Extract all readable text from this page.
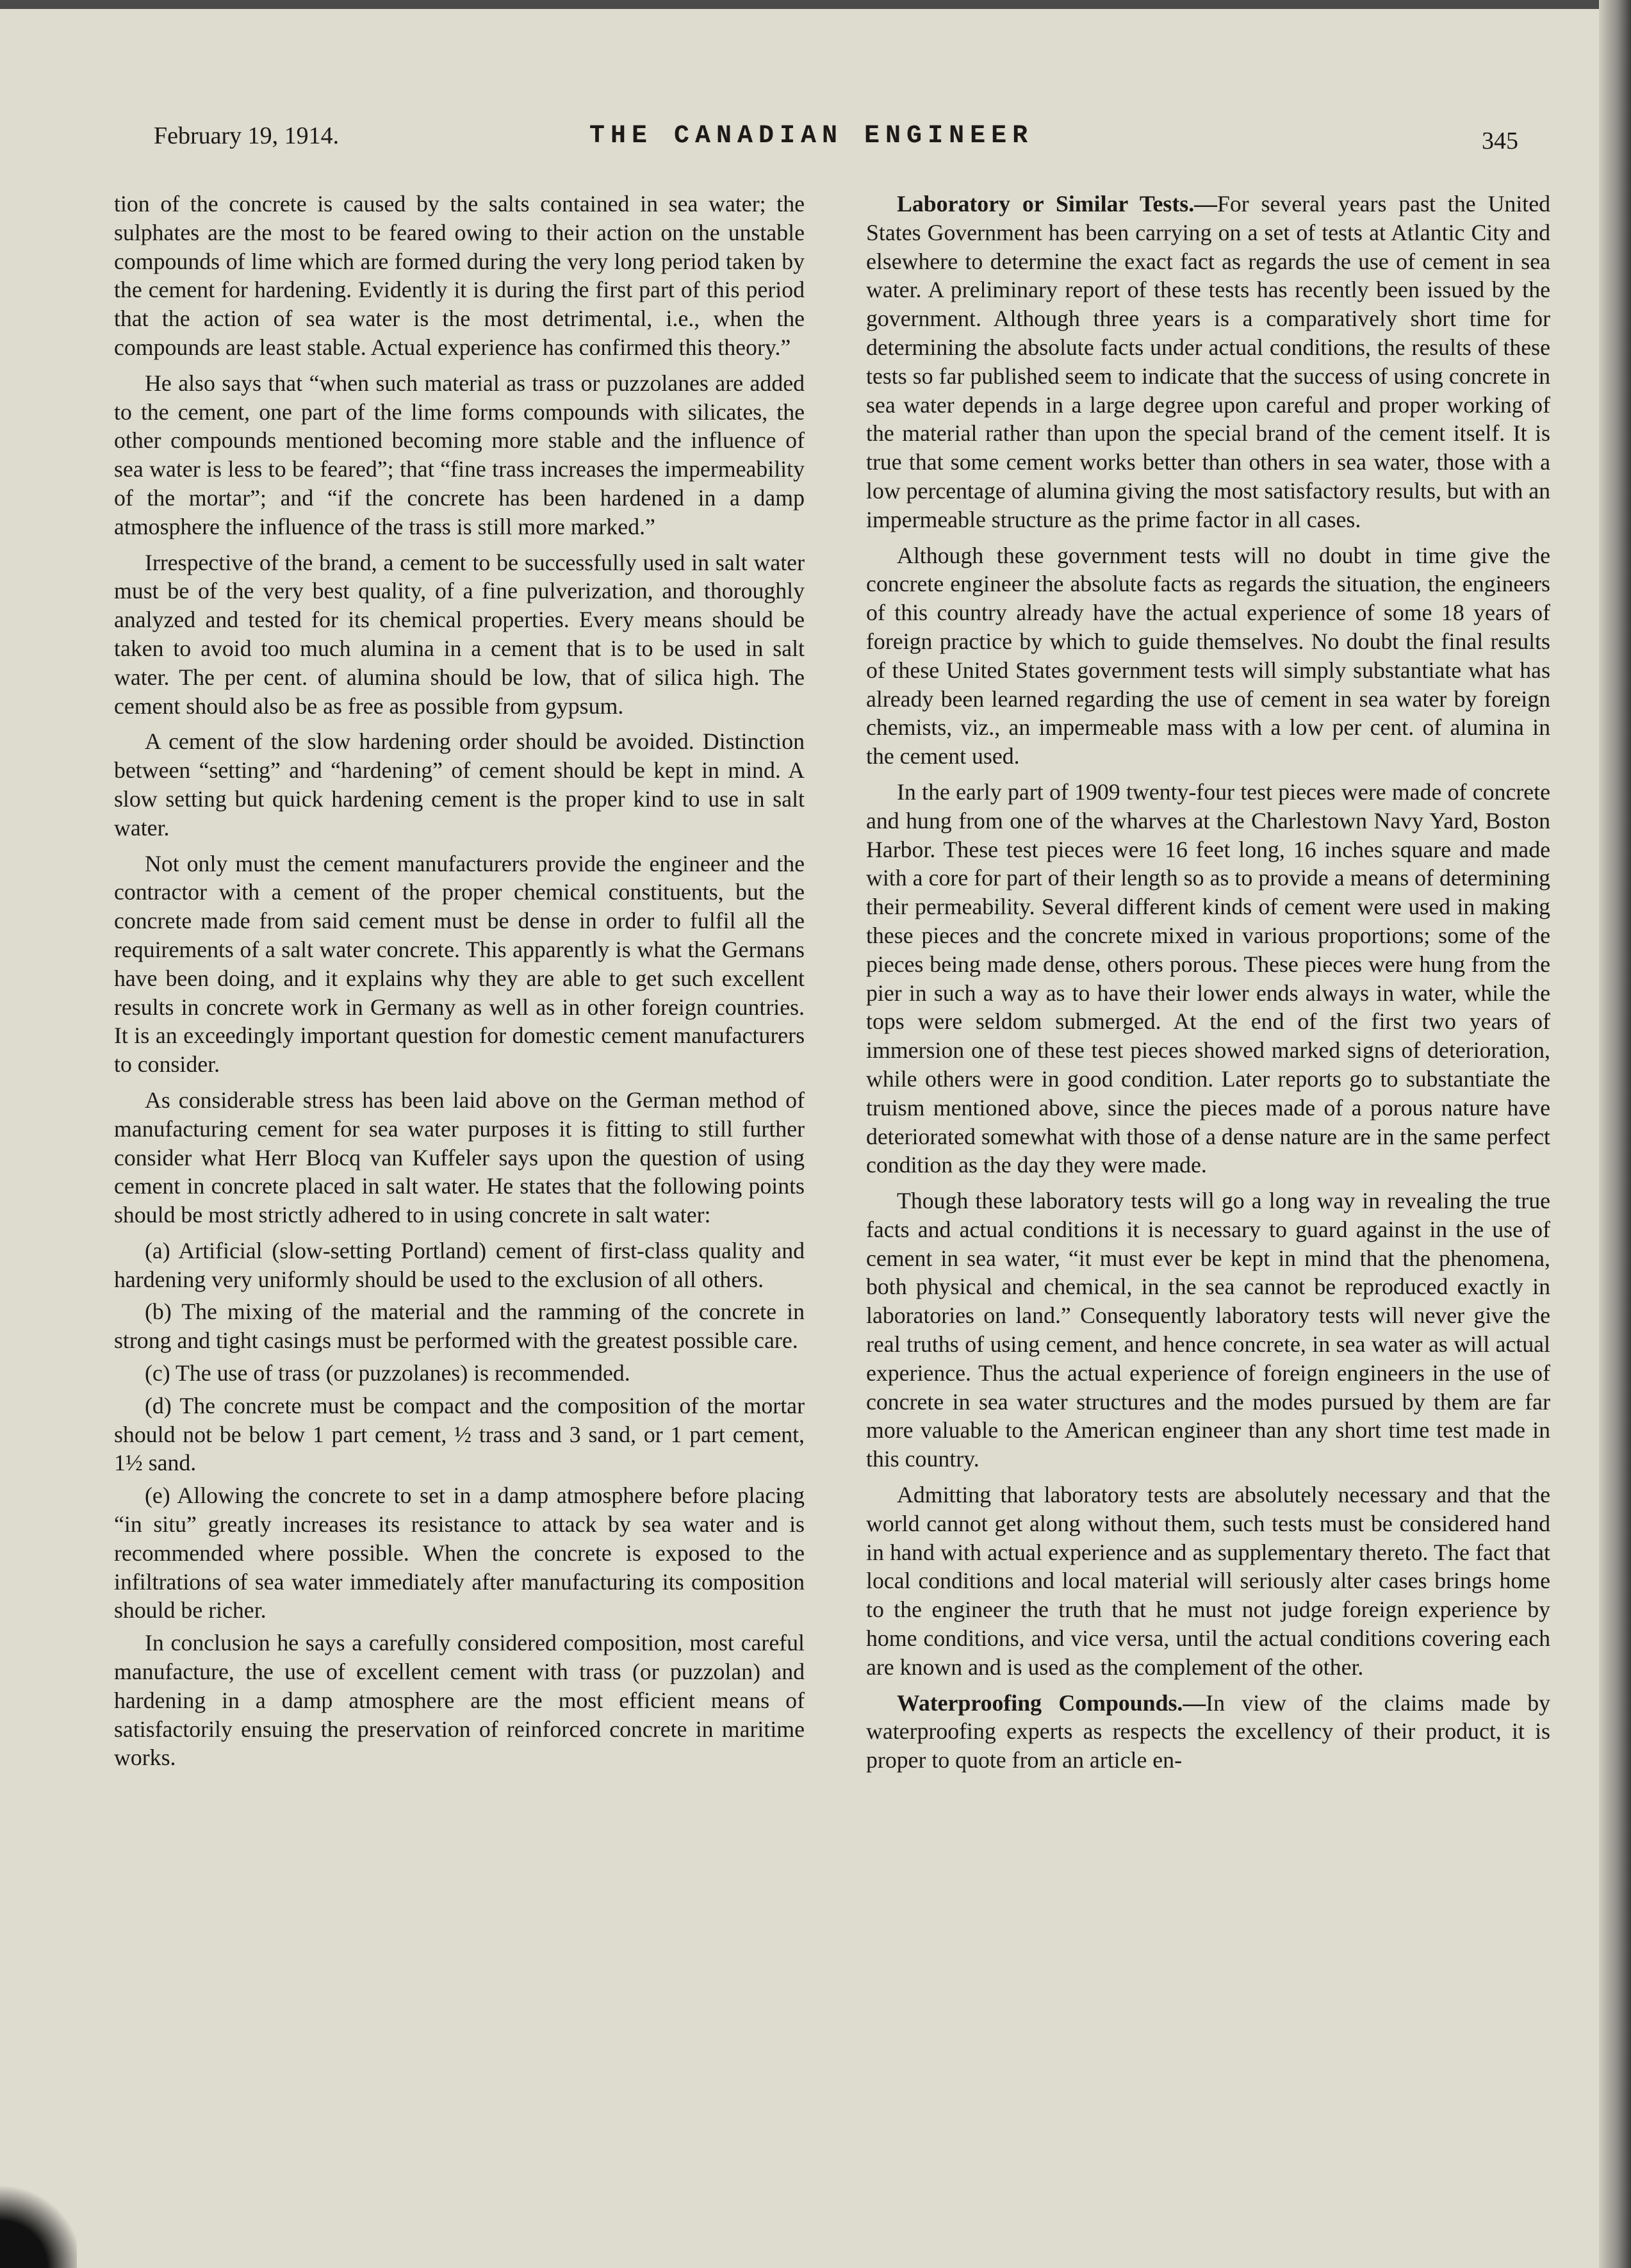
February 19, 1914.	THE CANADIAN ENGINEER	345

tion of the concrete is caused by the salts contained in sea water; the sulphates are the most to be feared owing to their action on the unstable compounds of lime which are formed during the very long period taken by the cement for hardening. Evidently it is during the first part of this period that the action of sea water is the most detrimental, i.e., when the compounds are least stable. Actual experience has confirmed this theory.”

He also says that “when such material as trass or puzzolanes are added to the cement, one part of the lime forms compounds with silicates, the other compounds mentioned becoming more stable and the influence of sea water is less to be feared”; that “fine trass increases the impermeability of the mortar”; and “if the concrete has been hardened in a damp atmosphere the influence of the trass is still more marked.”

Irrespective of the brand, a cement to be successfully used in salt water must be of the very best quality, of a fine pulverization, and thoroughly analyzed and tested for its chemical properties. Every means should be taken to avoid too much alumina in a cement that is to be used in salt water. The per cent. of alumina should be low, that of silica high. The cement should also be as free as possible from gypsum.

A cement of the slow hardening order should be avoided. Distinction between “setting” and “hardening” of cement should be kept in mind. A slow setting but quick hardening cement is the proper kind to use in salt water.

Not only must the cement manufacturers provide the engineer and the contractor with a cement of the proper chemical constituents, but the concrete made from said cement must be dense in order to fulfil all the requirements of a salt water concrete. This apparently is what the Germans have been doing, and it explains why they are able to get such excellent results in concrete work in Germany as well as in other foreign countries. It is an exceedingly important question for domestic cement manufacturers to consider.

As considerable stress has been laid above on the German method of manufacturing cement for sea water purposes it is fitting to still further consider what Herr Blocq van Kuffeler says upon the question of using cement in concrete placed in salt water. He states that the following points should be most strictly adhered to in using concrete in salt water:

(a) Artificial (slow-setting Portland) cement of first-class quality and hardening very uniformly should be used to the exclusion of all others.

(b) The mixing of the material and the ramming of the concrete in strong and tight casings must be performed with the greatest possible care.

(c) The use of trass (or puzzolanes) is recommended.

(d) The concrete must be compact and the composition of the mortar should not be below 1 part cement, ½ trass and 3 sand, or 1 part cement, 1½ sand.

(e) Allowing the concrete to set in a damp atmosphere before placing “in situ” greatly increases its resistance to attack by sea water and is recommended where possible. When the concrete is exposed to the infiltrations of sea water immediately after manufacturing its composition should be richer.

In conclusion he says a carefully considered composition, most careful manufacture, the use of excellent cement with trass (or puzzolan) and hardening in a damp atmosphere are the most efficient means of satisfactorily ensuing the preservation of reinforced concrete in maritime works.

Laboratory or Similar Tests.—For several years past the United States Government has been carrying on a set of tests at Atlantic City and elsewhere to determine the exact fact as regards the use of cement in sea water. A preliminary report of these tests has recently been issued by the government. Although three years is a comparatively short time for determining the absolute facts under actual conditions, the results of these tests so far published seem to indicate that the success of using concrete in sea water depends in a large degree upon careful and proper working of the material rather than upon the special brand of the cement itself. It is true that some cement works better than others in sea water, those with a low percentage of alumina giving the most satisfactory results, but with an impermeable structure as the prime factor in all cases.

Although these government tests will no doubt in time give the concrete engineer the absolute facts as regards the situation, the engineers of this country already have the actual experience of some 18 years of foreign practice by which to guide themselves. No doubt the final results of these United States government tests will simply substantiate what has already been learned regarding the use of cement in sea water by foreign chemists, viz., an impermeable mass with a low per cent. of alumina in the cement used.

In the early part of 1909 twenty-four test pieces were made of concrete and hung from one of the wharves at the Charlestown Navy Yard, Boston Harbor. These test pieces were 16 feet long, 16 inches square and made with a core for part of their length so as to provide a means of determining their permeability. Several different kinds of cement were used in making these pieces and the concrete mixed in various proportions; some of the pieces being made dense, others porous. These pieces were hung from the pier in such a way as to have their lower ends always in water, while the tops were seldom submerged. At the end of the first two years of immersion one of these test pieces showed marked signs of deterioration, while others were in good condition. Later reports go to substantiate the truism mentioned above, since the pieces made of a porous nature have deteriorated somewhat with those of a dense nature are in the same perfect condition as the day they were made.

Though these laboratory tests will go a long way in revealing the true facts and actual conditions it is necessary to guard against in the use of cement in sea water, “it must ever be kept in mind that the phenomena, both physical and chemical, in the sea cannot be reproduced exactly in laboratories on land.” Consequently laboratory tests will never give the real truths of using cement, and hence concrete, in sea water as will actual experience. Thus the actual experience of foreign engineers in the use of concrete in sea water structures and the modes pursued by them are far more valuable to the American engineer than any short time test made in this country.

Admitting that laboratory tests are absolutely necessary and that the world cannot get along without them, such tests must be considered hand in hand with actual experience and as supplementary thereto. The fact that local conditions and local material will seriously alter cases brings home to the engineer the truth that he must not judge foreign experience by home conditions, and vice versa, until the actual conditions covering each are known and is used as the complement of the other.

Waterproofing Compounds.—In view of the claims made by waterproofing experts as respects the excellency of their product, it is proper to quote from an article en-
